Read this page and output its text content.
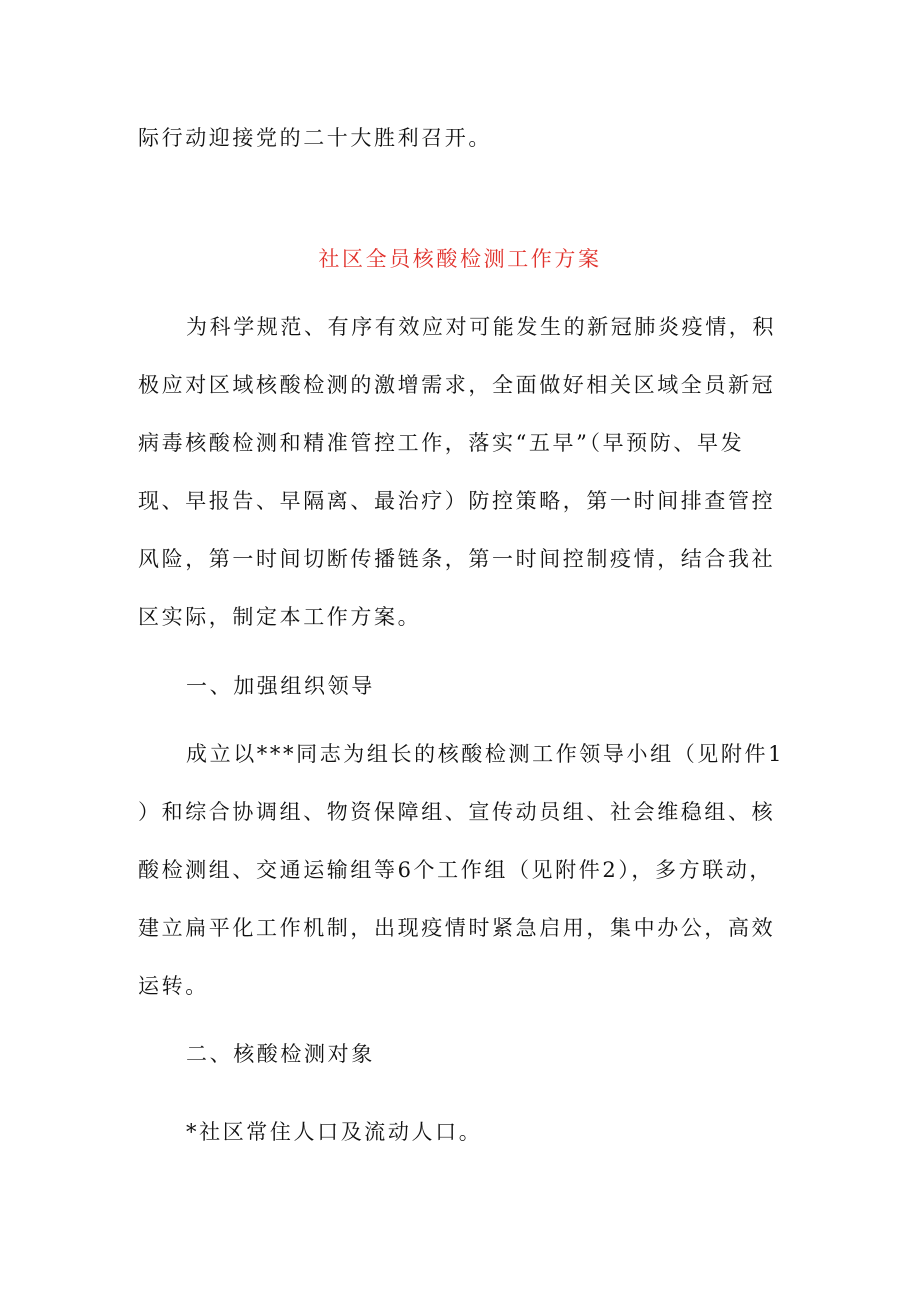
际行动迎接党的二十大胜利召开。
社区全员核酸检测工作方案
为科学规范、有序有效应对可能发生的新冠肺炎疫情，积
极应对区域核酸检测的激增需求，全面做好相关区域全员新冠
病毒核酸检测和精准管控工作，落实“五早”（早预防、早发
现、早报告、早隔离、最治疗）防控策略，第一时间排查管控
风险，第一时间切断传播链条，第一时间控制疫情，结合我社
区实际，制定本工作方案。
一、加强组织领导
成立以***同志为组长的核酸检测工作领导小组（见附件1
）和综合协调组、物资保障组、宣传动员组、社会维稳组、核
酸检测组、交通运输组等6个工作组（见附件2），多方联动，
建立扁平化工作机制，出现疫情时紧急启用，集中办公，高效
运转。
二、核酸检测对象
*社区常住人口及流动人口。
